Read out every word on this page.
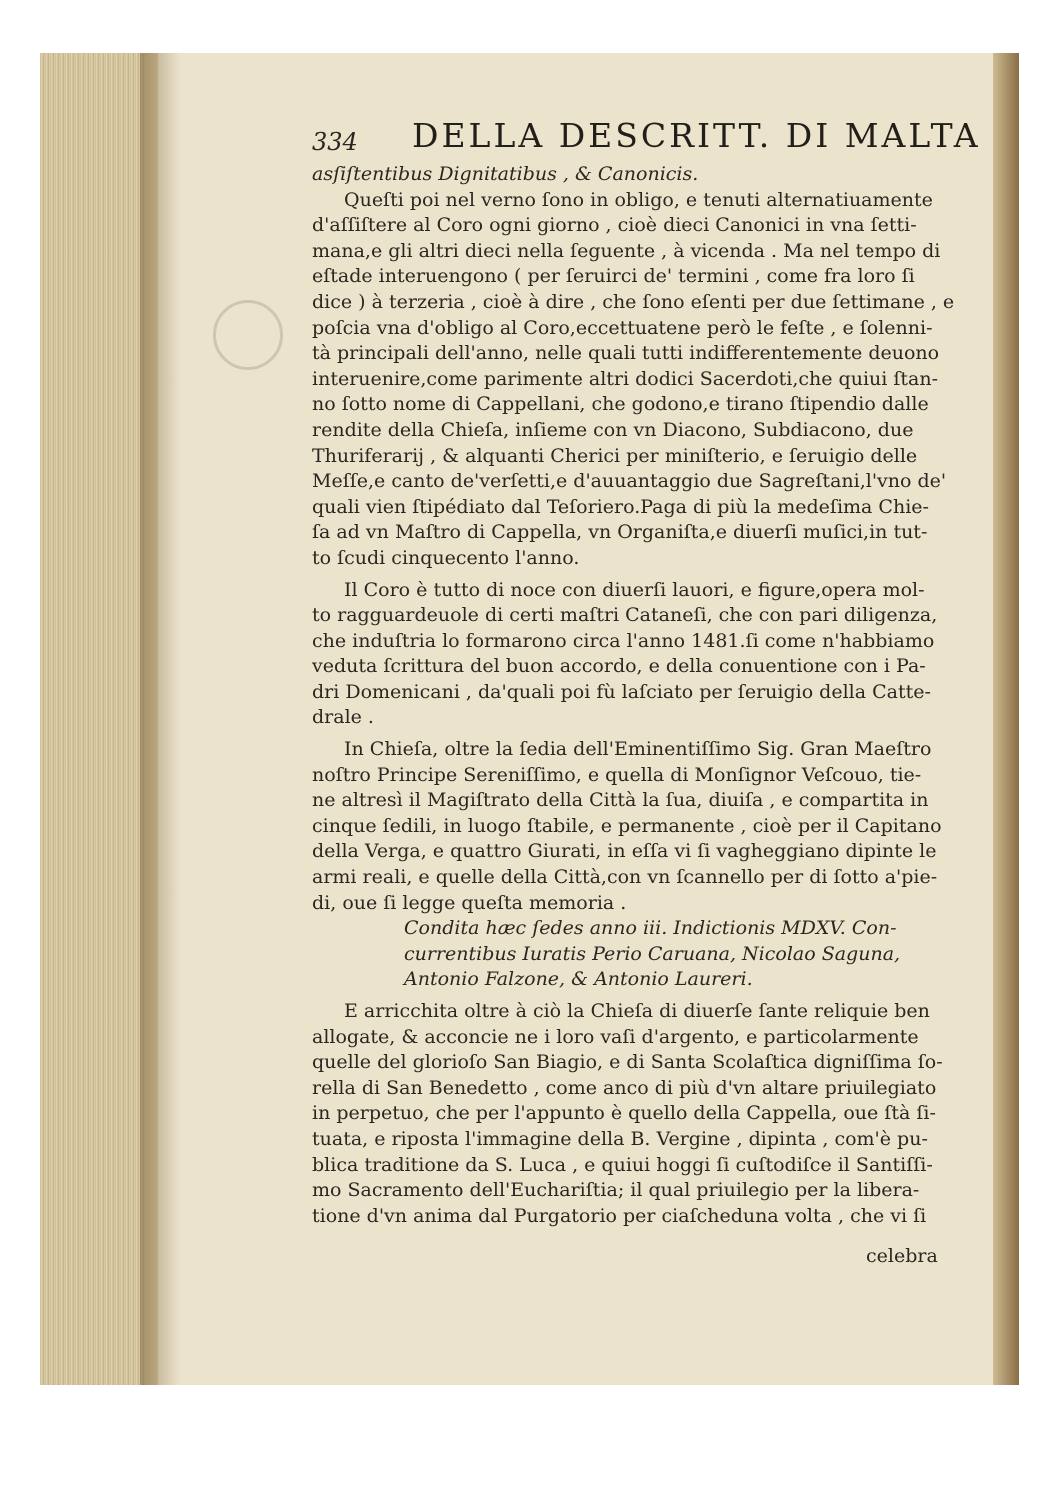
334 DELLA DESCRITT. DI MALTA
asſiſtentibus Dignitatibus , & Canonicis.
Queſti poi nel verno ſono in obligo, e tenuti alternatiuamente
d'aſſiſtere al Coro ogni giorno , cioè dieci Canonici in vna ſetti-
mana,e gli altri dieci nella ſeguente , à vicenda . Ma nel tempo di
eſtade interuengono ( per ſeruirci de' termini , come fra loro ſi
dice ) à terzeria , cioè à dire , che ſono eſenti per due ſettimane , e
poſcia vna d'obligo al Coro,eccettuatene però le feſte , e ſolenni-
tà principali dell'anno, nelle quali tutti indifferentemente deuono
interuenire,come parimente altri dodici Sacerdoti,che quiui ſtan-
no ſotto nome di Cappellani, che godono,e tirano ſtipendio dalle
rendite della Chieſa, inſieme con vn Diacono, Subdiacono, due
Thuriferarij , & alquanti Cherici per miniſterio, e ſeruigio delle
Meſſe,e canto de'verſetti,e d'auuantaggio due Sagreſtani,l'vno de'
quali vien ſtipédiato dal Teſoriero.Paga di più la medeſima Chie-
ſa ad vn Maſtro di Cappella, vn Organiſta,e diuerſi muſici,in tut-
to ſcudi cinquecento l'anno.
Il Coro è tutto di noce con diuerſi lauori, e figure,opera mol-
to ragguardeuole di certi maſtri Cataneſi, che con pari diligenza,
che induſtria lo formarono circa l'anno 1481.ſi come n'habbiamo
veduta ſcrittura del buon accordo, e della conuentione con i Pa-
dri Domenicani , da'quali poi fù laſciato per ſeruigio della Catte-
drale .
In Chieſa, oltre la ſedia dell'Eminentiſſimo Sig. Gran Maeſtro
noſtro Principe Sereniſſimo, e quella di Monſignor Veſcouo, tie-
ne altresì il Magiſtrato della Città la ſua, diuiſa , e compartita in
cinque ſedili, in luogo ſtabile, e permanente , cioè per il Capitano
della Verga, e quattro Giurati, in eſſa vi ſi vagheggiano dipinte le
armi reali, e quelle della Città,con vn ſcannello per di ſotto a'pie-
di, oue ſi legge queſta memoria .
Condita hæc ſedes anno iii. Indictionis MDXV. Con-
currentibus Iuratis Perio Caruana, Nicolao Saguna,
Antonio Falzone, & Antonio Laureri.
E arricchita oltre à ciò la Chieſa di diuerſe ſante reliquie ben
allogate, & acconcie ne i loro vaſi d'argento, e particolarmente
quelle del glorioſo San Biagio, e di Santa Scolaſtica digniſſima ſo-
rella di San Benedetto , come anco di più d'vn altare priuilegiato
in perpetuo, che per l'appunto è quello della Cappella, oue ſtà ſi-
tuata, e riposta l'immagine della B. Vergine , dipinta , com'è pu-
blica traditione da S. Luca , e quiui hoggi ſi cuſtodiſce il Santiſſi-
mo Sacramento dell'Euchariſtia; il qual priuilegio per la libera-
tione d'vn anima dal Purgatorio per ciaſcheduna volta , che vi ſi
celebra
